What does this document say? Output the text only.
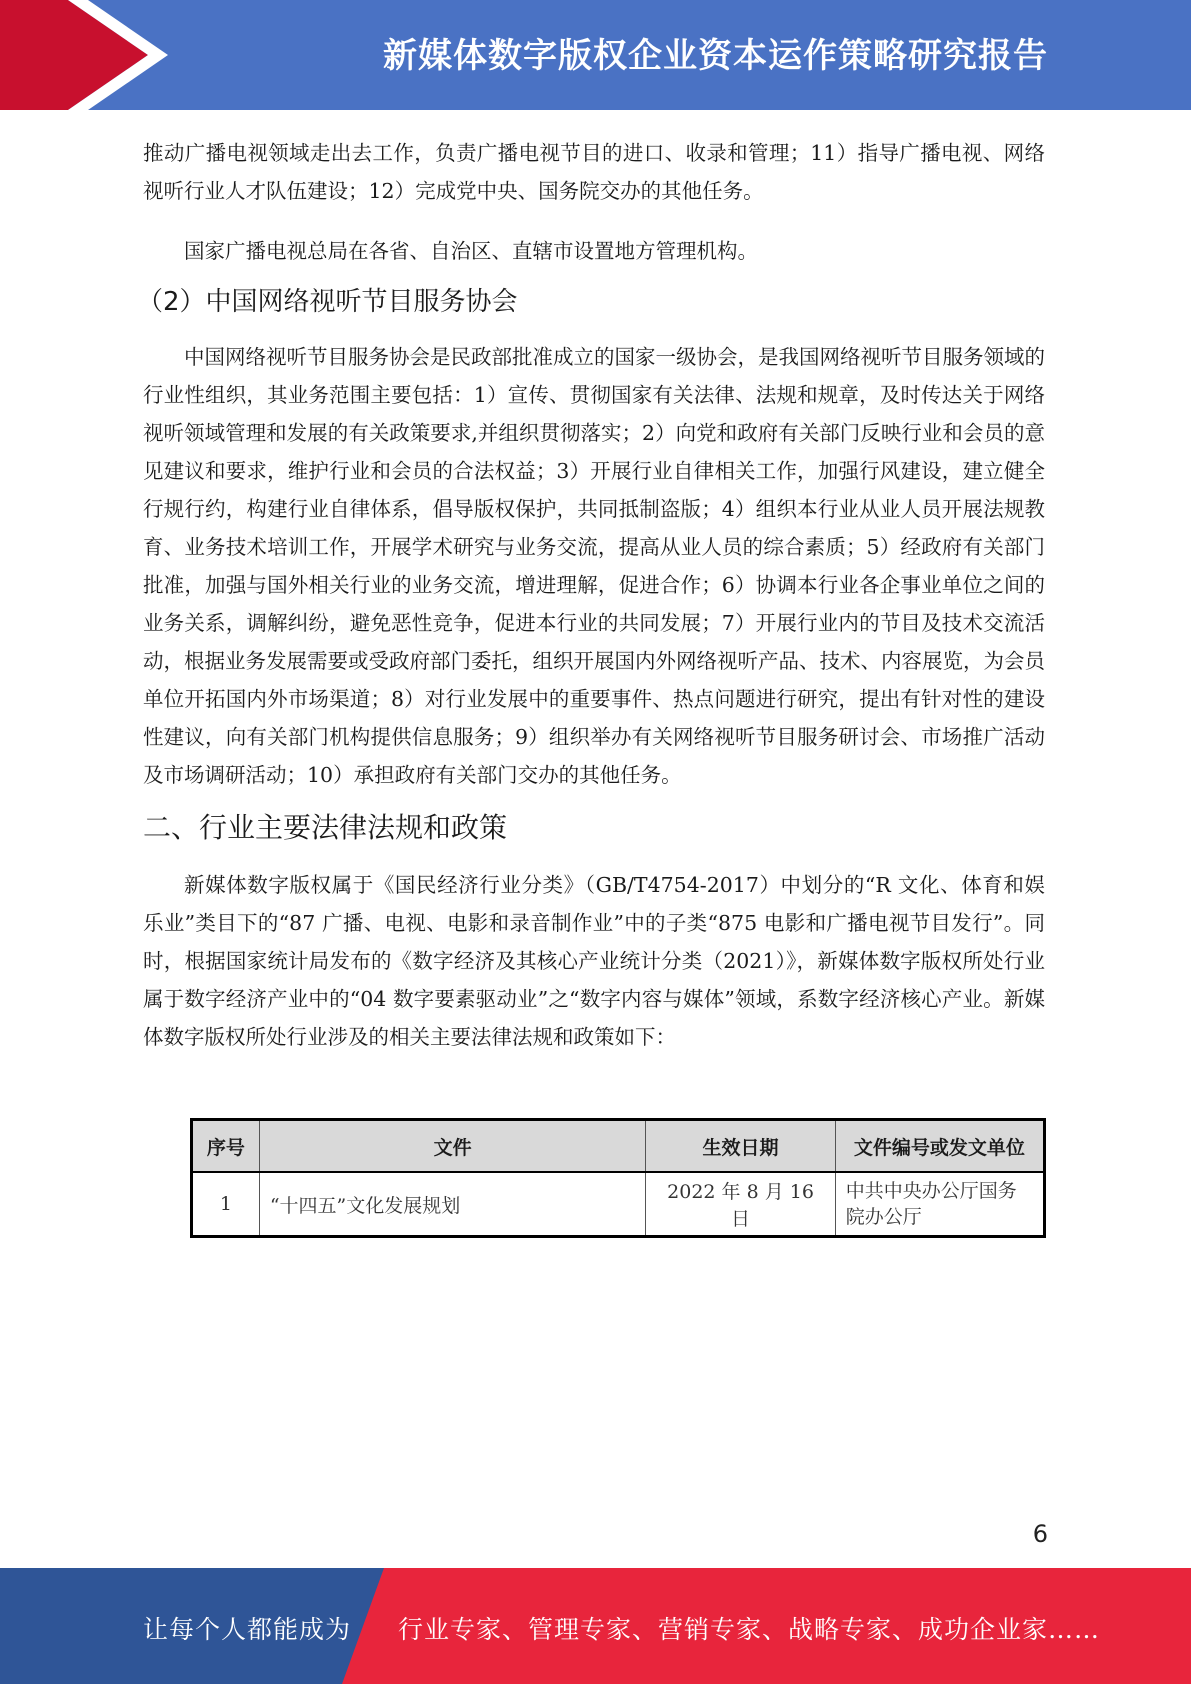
新媒体数字版权企业资本运作策略研究报告

推动广播电视领域走出去工作，负责广播电视节目的进口、收录和管理；11）指导广播电视、网络视听行业人才队伍建设；12）完成党中央、国务院交办的其他任务。

国家广播电视总局在各省、自治区、直辖市设置地方管理机构。

（2）中国网络视听节目服务协会

中国网络视听节目服务协会是民政部批准成立的国家一级协会，是我国网络视听节目服务领域的行业性组织，其业务范围主要包括：1）宣传、贯彻国家有关法律、法规和规章，及时传达关于网络视听领域管理和发展的有关政策要求,并组织贯彻落实；2）向党和政府有关部门反映行业和会员的意见建议和要求，维护行业和会员的合法权益；3）开展行业自律相关工作，加强行风建设，建立健全行规行约，构建行业自律体系，倡导版权保护，共同抵制盗版；4）组织本行业从业人员开展法规教育、业务技术培训工作，开展学术研究与业务交流，提高从业人员的综合素质；5）经政府有关部门批准，加强与国外相关行业的业务交流，增进理解，促进合作；6）协调本行业各企事业单位之间的业务关系，调解纠纷，避免恶性竞争，促进本行业的共同发展；7）开展行业内的节目及技术交流活动，根据业务发展需要或受政府部门委托，组织开展国内外网络视听产品、技术、内容展览，为会员单位开拓国内外市场渠道；8）对行业发展中的重要事件、热点问题进行研究，提出有针对性的建设性建议，向有关部门机构提供信息服务；9）组织举办有关网络视听节目服务研讨会、市场推广活动及市场调研活动；10）承担政府有关部门交办的其他任务。

二、行业主要法律法规和政策

新媒体数字版权属于《国民经济行业分类》（GB/T4754-2017）中划分的“R 文化、体育和娱乐业”类目下的“87 广播、电视、电影和录音制作业”中的子类“875 电影和广播电视节目发行”。同时，根据国家统计局发布的《数字经济及其核心产业统计分类（2021）》，新媒体数字版权所处行业属于数字经济产业中的“04 数字要素驱动业”之“数字内容与媒体”领域，系数字经济核心产业。新媒体数字版权所处行业涉及的相关主要法律法规和政策如下：

序号	文件	生效日期	文件编号或发文单位
1	“十四五”文化发展规划	2022 年 8 月 16 日	中共中央办公厅国务院办公厅
6
让每个人都能成为 行业专家、管理专家、营销专家、战略专家、成功企业家……
